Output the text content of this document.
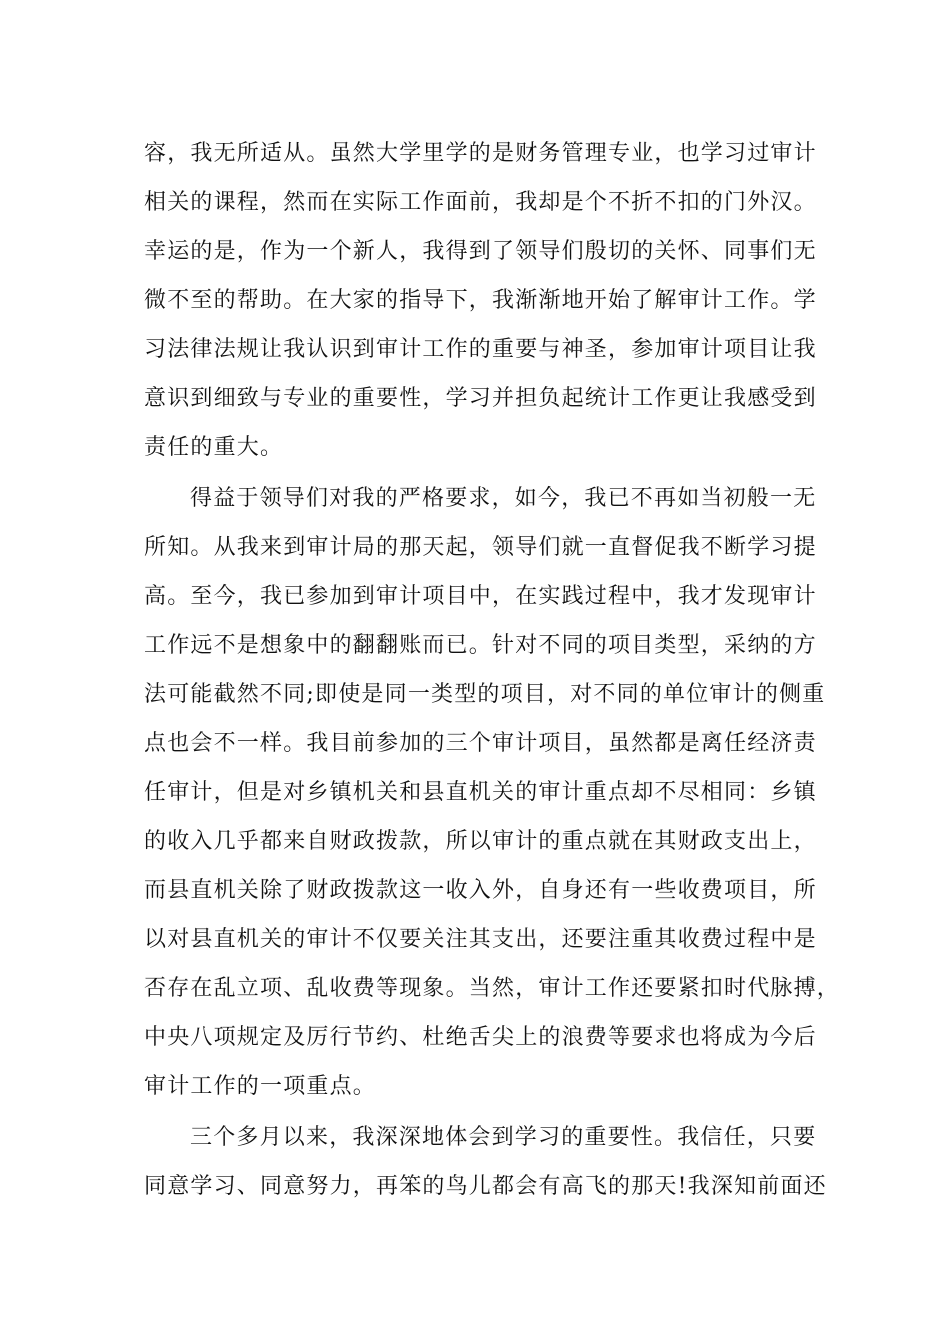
容，我无所适从。虽然大学里学的是财务管理专业，也学习过审计
相关的课程，然而在实际工作面前，我却是个不折不扣的门外汉。
幸运的是，作为一个新人，我得到了领导们殷切的关怀、同事们无
微不至的帮助。在大家的指导下，我渐渐地开始了解审计工作。学
习法律法规让我认识到审计工作的重要与神圣，参加审计项目让我
意识到细致与专业的重要性，学习并担负起统计工作更让我感受到
责任的重大。
得益于领导们对我的严格要求，如今，我已不再如当初般一无
所知。从我来到审计局的那天起，领导们就一直督促我不断学习提
高。至今，我已参加到审计项目中，在实践过程中，我才发现审计
工作远不是想象中的翻翻账而已。针对不同的项目类型，采纳的方
法可能截然不同;即使是同一类型的项目，对不同的单位审计的侧重
点也会不一样。我目前参加的三个审计项目，虽然都是离任经济责
任审计，但是对乡镇机关和县直机关的审计重点却不尽相同：乡镇
的收入几乎都来自财政拨款，所以审计的重点就在其财政支出上，
而县直机关除了财政拨款这一收入外，自身还有一些收费项目，所
以对县直机关的审计不仅要关注其支出，还要注重其收费过程中是
否存在乱立项、乱收费等现象。当然，审计工作还要紧扣时代脉搏，
中央八项规定及厉行节约、杜绝舌尖上的浪费等要求也将成为今后
审计工作的一项重点。
三个多月以来，我深深地体会到学习的重要性。我信任，只要
同意学习、同意努力，再笨的鸟儿都会有高飞的那天!我深知前面还
